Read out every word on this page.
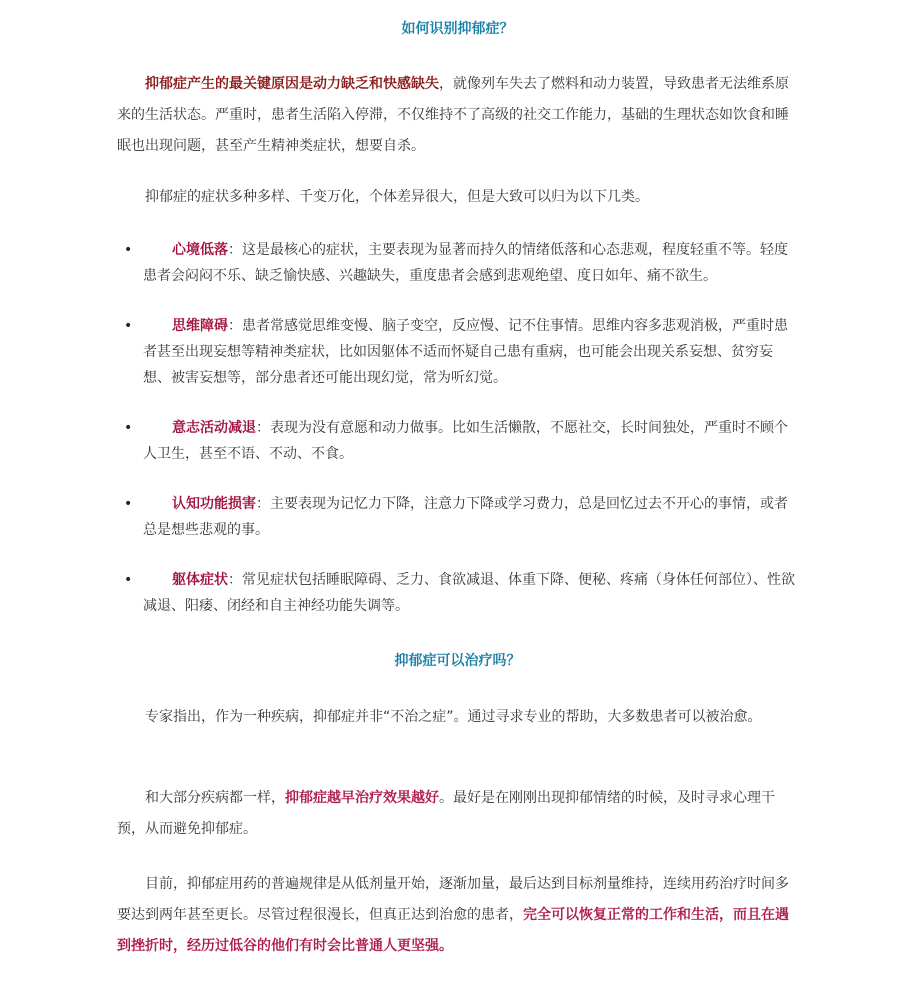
如何识别抑郁症？

抑郁症产生的最关键原因是动力缺乏和快感缺失，就像列车失去了燃料和动力装置，导致患者无法维系原来的生活状态。严重时，患者生活陷入停滞，不仅维持不了高级的社交工作能力，基础的生理状态如饮食和睡眠也出现问题，甚至产生精神类症状，想要自杀。

抑郁症的症状多种多样、千变万化，个体差异很大，但是大致可以归为以下几类。

•	心境低落：这是最核心的症状，主要表现为显著而持久的情绪低落和心态悲观，程度轻重不等。轻度患者会闷闷不乐、缺乏愉快感、兴趣缺失，重度患者会感到悲观绝望、度日如年、痛不欲生。
•	思维障碍：患者常感觉思维变慢、脑子变空，反应慢、记不住事情。思维内容多悲观消极，严重时患者甚至出现妄想等精神类症状，比如因躯体不适而怀疑自己患有重病，也可能会出现关系妄想、贫穷妄想、被害妄想等，部分患者还可能出现幻觉，常为听幻觉。
•	意志活动减退：表现为没有意愿和动力做事。比如生活懒散，不愿社交，长时间独处，严重时不顾个人卫生，甚至不语、不动、不食。
•	认知功能损害：主要表现为记忆力下降，注意力下降或学习费力，总是回忆过去不开心的事情，或者总是想些悲观的事。
•	躯体症状：常见症状包括睡眠障碍、乏力、食欲减退、体重下降、便秘、疼痛（身体任何部位）、性欲减退、阳痿、闭经和自主神经功能失调等。
抑郁症可以治疗吗？

专家指出，作为一种疾病，抑郁症并非“不治之症”。通过寻求专业的帮助，大多数患者可以被治愈。

和大部分疾病都一样，抑郁症越早治疗效果越好。最好是在刚刚出现抑郁情绪的时候，及时寻求心理干预，从而避免抑郁症。

目前，抑郁症用药的普遍规律是从低剂量开始，逐渐加量，最后达到目标剂量维持，连续用药治疗时间多要达到两年甚至更长。尽管过程很漫长，但真正达到治愈的患者，完全可以恢复正常的工作和生活，而且在遇到挫折时，经历过低谷的他们有时会比普通人更坚强。
